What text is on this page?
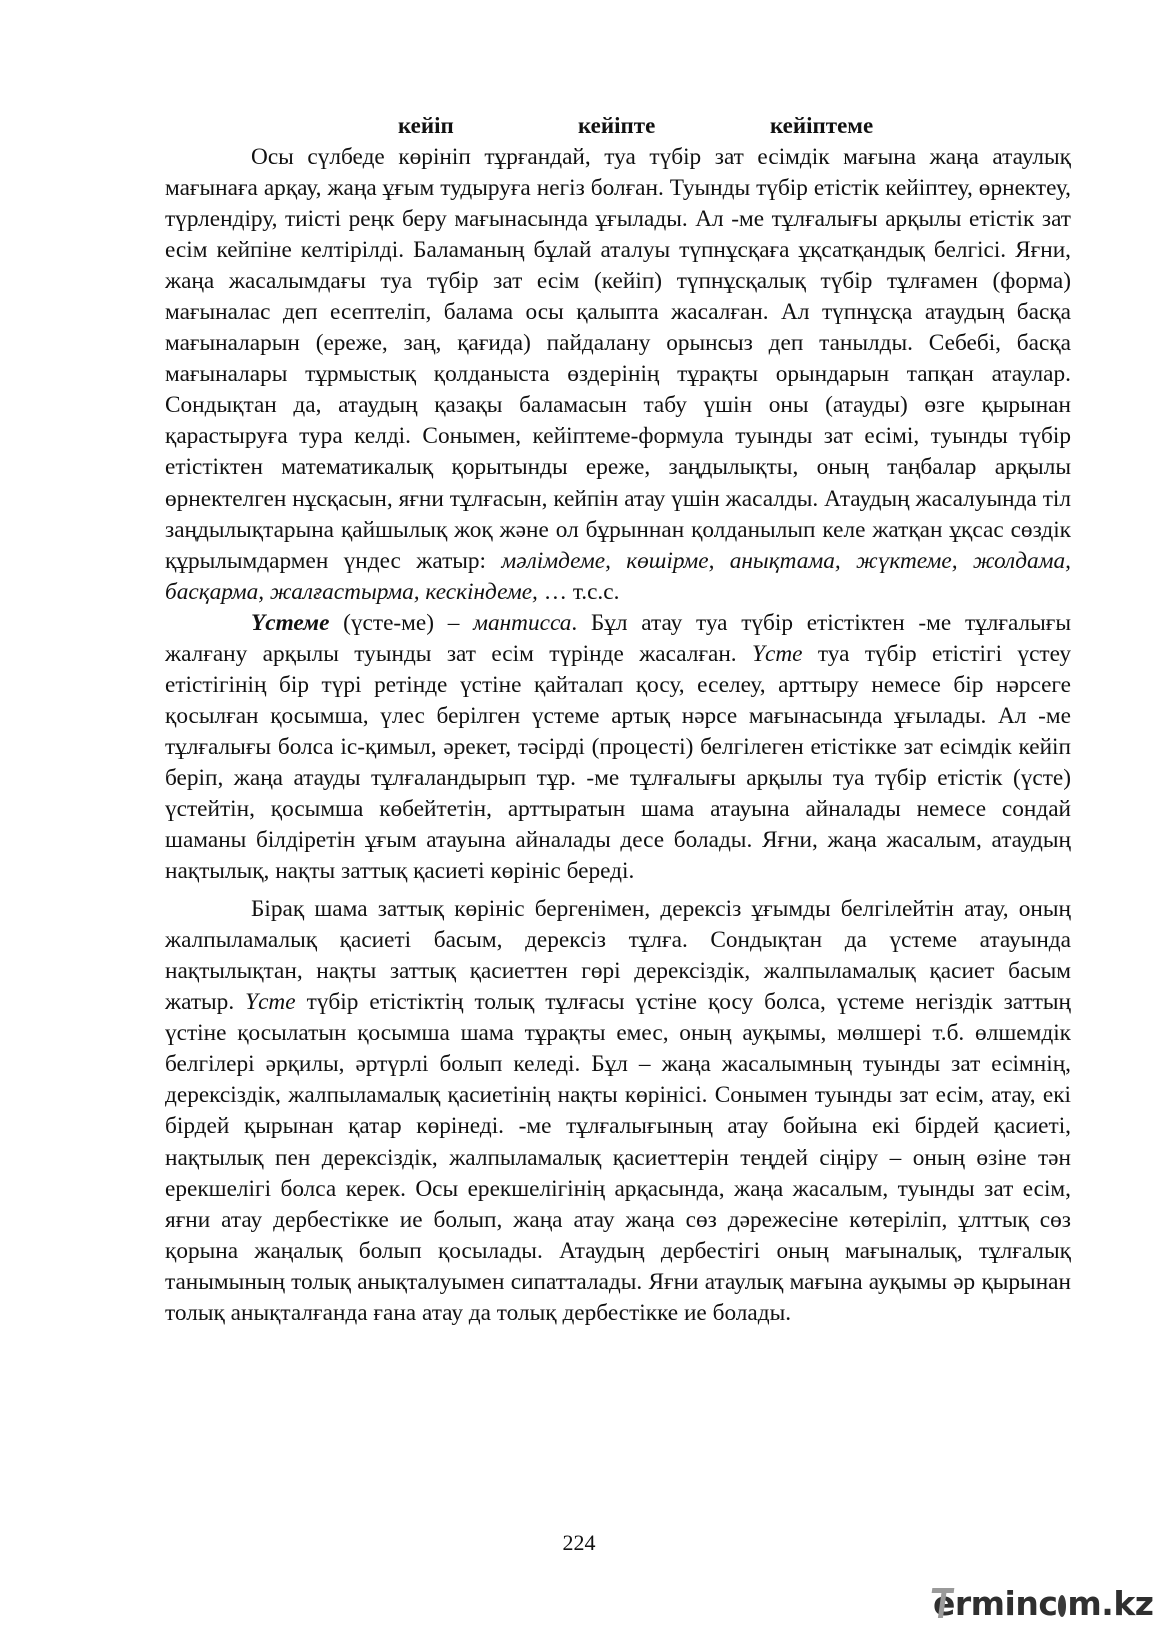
кейіп	кейіпте	кейіптеме

Осы сүлбеде көрініп тұрғандай, туа түбір зат есімдік мағына жаңа атаулық мағынаға арқау, жаңа ұғым тудыруға негіз болған. Туынды түбір етістік кейіптеу, өрнектеу, түрлендіру, тиісті реңк беру мағынасында ұғылады. Ал -ме тұлғалығы арқылы етістік зат есім кейпіне келтірілді. Баламаның бұлай аталуы түпнұсқаға ұқсатқандық белгісі. Яғни, жаңа жасалымдағы туа түбір зат есім (кейіп) түпнұсқалық түбір тұлғамен (форма) мағыналас деп есептеліп, балама осы қалыпта жасалған. Ал түпнұсқа атаудың басқа мағыналарын (ереже, заң, қағида) пайдалану орынсыз деп танылды. Себебі, басқа мағыналары тұрмыстық қолданыста өздерінің тұрақты орындарын тапқан атаулар. Сондықтан да, атаудың қазақы баламасын табу үшін оны (атауды) өзге қырынан қарастыруға тура келді. Сонымен, кейіптеме-формула туынды зат есімі, туынды түбір етістіктен математикалық қорытынды ереже, заңдылықты, оның таңбалар арқылы өрнектелген нұсқасын, яғни тұлғасын, кейпін атау үшін жасалды. Атаудың жасалуында тіл заңдылықтарына қайшылық жоқ және ол бұрыннан қолданылып келе жатқан ұқсас сөздік құрылымдармен үндес жатыр: мәлімдеме, көшірме, анықтама, жүктеме, жолдама, басқарма, жалғастырма, кескіндеме, … т.с.с.

Үстеме (үсте-ме) – мантисса. Бұл атау туа түбір етістіктен -ме тұлғалығы жалғану арқылы туынды зат есім түрінде жасалған. Үсте туа түбір етістігі үстеу етістігінің бір түрі ретінде үстіне қайталап қосу, еселеу, арттыру немесе бір нәрсеге қосылған қосымша, үлес берілген үстеме артық нәрсе мағынасында ұғылады. Ал -ме тұлғалығы болса іс-қимыл, әрекет, тәсірді (процесті) белгілеген етістікке зат есімдік кейіп беріп, жаңа атауды тұлғаландырып тұр. -ме тұлғалығы арқылы туа түбір етістік (үсте) үстейтін, қосымша көбейтетін, арттыратын шама атауына айналады немесе сондай шаманы білдіретін ұғым атауына айналады десе болады. Яғни, жаңа жасалым, атаудың нақтылық, нақты заттық қасиеті көрініс береді.

Бірақ шама заттық көрініс бергенімен, дерексіз ұғымды белгілейтін атау, оның жалпыламалық қасиеті басым, дерексіз тұлға. Сондықтан да үстеме атауында нақтылықтан, нақты заттық қасиеттен гөрі дерексіздік, жалпыламалық қасиет басым жатыр. Үсте түбір етістіктің толық тұлғасы үстіне қосу болса, үстеме негіздік заттың үстіне қосылатын қосымша шама тұрақты емес, оның ауқымы, мөлшері т.б. өлшемдік белгілері әрқилы, әртүрлі болып келеді. Бұл – жаңа жасалымның туынды зат есімнің, дерексіздік, жалпыламалық қасиетінің нақты көрінісі. Сонымен туынды зат есім, атау, екі бірдей қырынан қатар көрінеді. -ме тұлғалығының атау бойына екі бірдей қасиеті, нақтылық пен дерексіздік, жалпыламалық қасиеттерін теңдей сіңіру – оның өзіне тән ерекшелігі болса керек. Осы ерекшелігінің арқасында, жаңа жасалым, туынды зат есім, яғни атау дербестікке ие болып, жаңа атау жаңа сөз дәрежесіне көтеріліп, ұлттық сөз қорына жаңалық болып қосылады. Атаудың дербестігі оның мағыналық, тұлғалық танымының толық анықталуымен сипатталады. Яғни атаулық мағына ауқымы әр қырынан толық анықталғанда ғана атау да толық дербестікке ие болады.

224
erminc m.kz
